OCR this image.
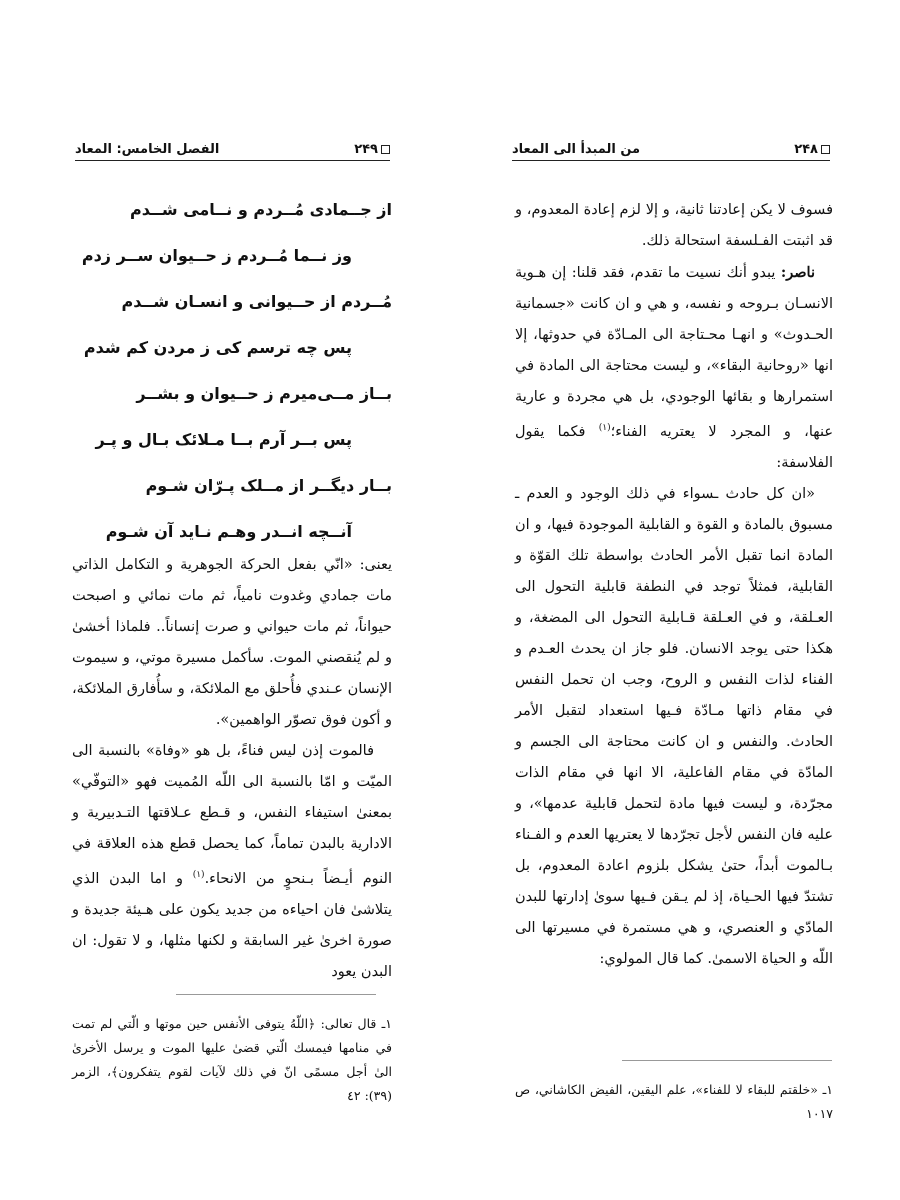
الفصل الخامس: المعاد	۲۴۹
از جــمادی مُــردم و نــامی شــدم
وز نــما مُــردم ز حــیوان ســر زدم
مُــردم از حــیوانی و انسـان شــدم
پس چه ترسم کی ز مردن کم شدم
بــاز مــی‌میرم ز حــیوان و بشــر
پس بــر آرم بــا مـلائک بـال و پـر
بــار دیگــر از مــلک پـرّان شـوم
آنــچه انــدر وهـم نـاید آن شـوم

یعنی: «انّي بفعل الحركة الجوهرية و التكامل الذاتي مات جمادي وغدوت نامياً، ثم مات نمائي و اصبحت حيواناً، ثم مات حيواني و صرت إنساناً.. فلماذا أخشیٰ و لم يُنقصني الموت. سأكمل مسيرة موتي، و سيموت الإنسان عـندي فأُحلق مع الملائكة، و سأُفارق الملائكة، و أكون فوق تصوّر الواهمين».

فالموت إذن ليس فناءً، بل هو «وفاة» بالنسبة الى الميّت و امّا بالنسبة الى اللّه المُميت فهو «التوفّي» بمعنیٰ استيفاء النفس، و قـطع عـلاقتها التـدبيرية و الادارية بالبدن تماماً، كما يحصل قطع هذه العلاقة في النوم أيـضاً بـنحوٍ من الانحاء.$^{(١)}$ و اما البدن الذي يتلاشیٰ فان احياءه من جديد يكون على هـيئة جديدة و صورة اخریٰ غير السابقة و لكنها مثلها، و لا تقول: ان البدن يعود

١ـ قال تعالى: ﴿اللّهُ يتوفى الأنفس حين موتها و الّتي لم تمت في منامها فيمسك الّتي قضیٰ عليها الموت و يرسل الأخرىٰ الىٰ أجل مسمًى انّ في ذلك لآيات لقوم يتفكرون﴾، الزمر (٣٩): ٤٢
من المبدأ الى المعاد	۲۴۸

فسوف لا يكن إعادتنا ثانية، و إلا لزم إعادة المعدوم، و قد اثبتت الفـلسفة استحالة ذلك.

ناصر: يبدو أنك نسيت ما تقدم، فقد قلنا: إن هـوية الانسـان بـروحه و نفسه، و هي و ان كانت «جسمانية الحـدوث» و انهـا محـتاجة الى المـادّة في حدوثها، إلا انها «روحانية البقاء»، و ليست محتاجة الى المادة في استمرارها و بقائها الوجودي، بل هي مجردة و عارية عنها، و المجرد لا يعتريه الفناء؛$^{(١)}$ فكما يقول الفلاسفة:

«ان كل حادث ـسواء في ذلك الوجود و العدم ـ مسبوق بالمادة و القوة و القابلية الموجودة فيها، و ان المادة انما تقبل الأمر الحادث بواسطة تلك القوّة و القابلية، فمثلاً توجد في النطفة قابلية التحول الى العـلقة، و في العـلقة قـابلية التحول الى المضغة، و هكذا حتى يوجد الانسان. فلو جاز ان يحدث العـدم و الفناء لذات النفس و الروح، وجب ان تحمل النفس في مقام ذاتها مـادّة فـيها استعداد لتقبل الأمر الحادث. والنفس و ان كانت محتاجة الى الجسم و المادّة في مقام الفاعلية، الا انها في مقام الذات مجرّدة، و ليست فيها مادة لتحمل قابلية عدمها»، و عليه فان النفس لأجل تجرّدها لا يعتريها العدم و الفـناء بـالموت أبداً، حتیٰ يشكل بلزوم اعادة المعدوم، بل تشتدّ فيها الحـياة، إذ لم يـقن فـيها سوىٰ إدارتها للبدن المادّي و العنصري، و هي مستمرة في مسيرتها الى اللّه و الحياة الاسمىٰ. كما قال المولوي:

١ـ «خلقتم للبقاء لا للفناء»، علم اليقين، الفيض الكاشاني، ص ١٠١٧
